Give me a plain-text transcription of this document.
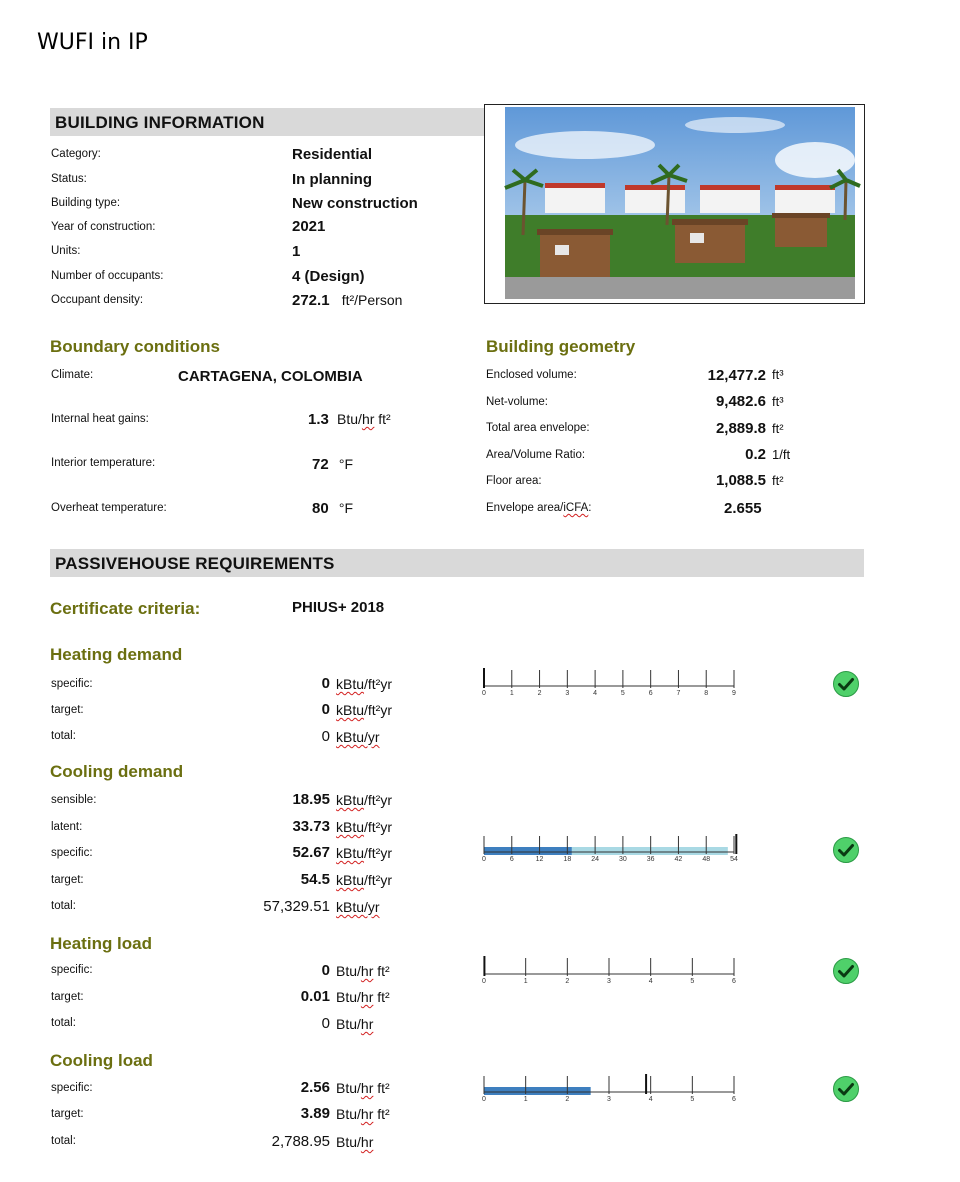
WUFI in IP
BUILDING INFORMATION
Category:	Residential
Status:	In planning
Building type:	New construction
Year of construction:	2021
Units:	1
Number of occupants:	4 (Design)
Occupant density:	272.1 ft²/Person
Boundary conditions
Climate:	CARTAGENA, COLOMBIA
Internal heat gains:	1.3 Btu/hr ft²
Interior temperature:	72 °F
Overheat temperature:	80 °F
Building geometry
Enclosed volume:	12,477.2 ft³
Net-volume:	9,482.6 ft³
Total area envelope:	2,889.8 ft²
Area/Volume Ratio:	0.2 1/ft
Floor area:	1,088.5 ft²
Envelope area/iCFA:	2.655
PASSIVEHOUSE REQUIREMENTS
Certificate criteria:	PHIUS+ 2018
Heating demand
specific:	0 kBtu/ft²yr
target:	0 kBtu/ft²yr
total:	0 kBtu/yr
0	1	2	3	4	5	6	7	8	9
Cooling demand
sensible:	18.95 kBtu/ft²yr
latent:	33.73 kBtu/ft²yr
specific:	52.67 kBtu/ft²yr
target:	54.5 kBtu/ft²yr
total:	57,329.51 kBtu/yr
0	6	12	18	24	30	36	42	48	54
Heating load
specific:	0 Btu/hr ft²
target:	0.01 Btu/hr ft²
total:	0 Btu/hr
0	1	2	3	4	5	6
Cooling load
specific:	2.56 Btu/hr ft²
target:	3.89 Btu/hr ft²
total:	2,788.95 Btu/hr
0	1	2	3	4	5	6
